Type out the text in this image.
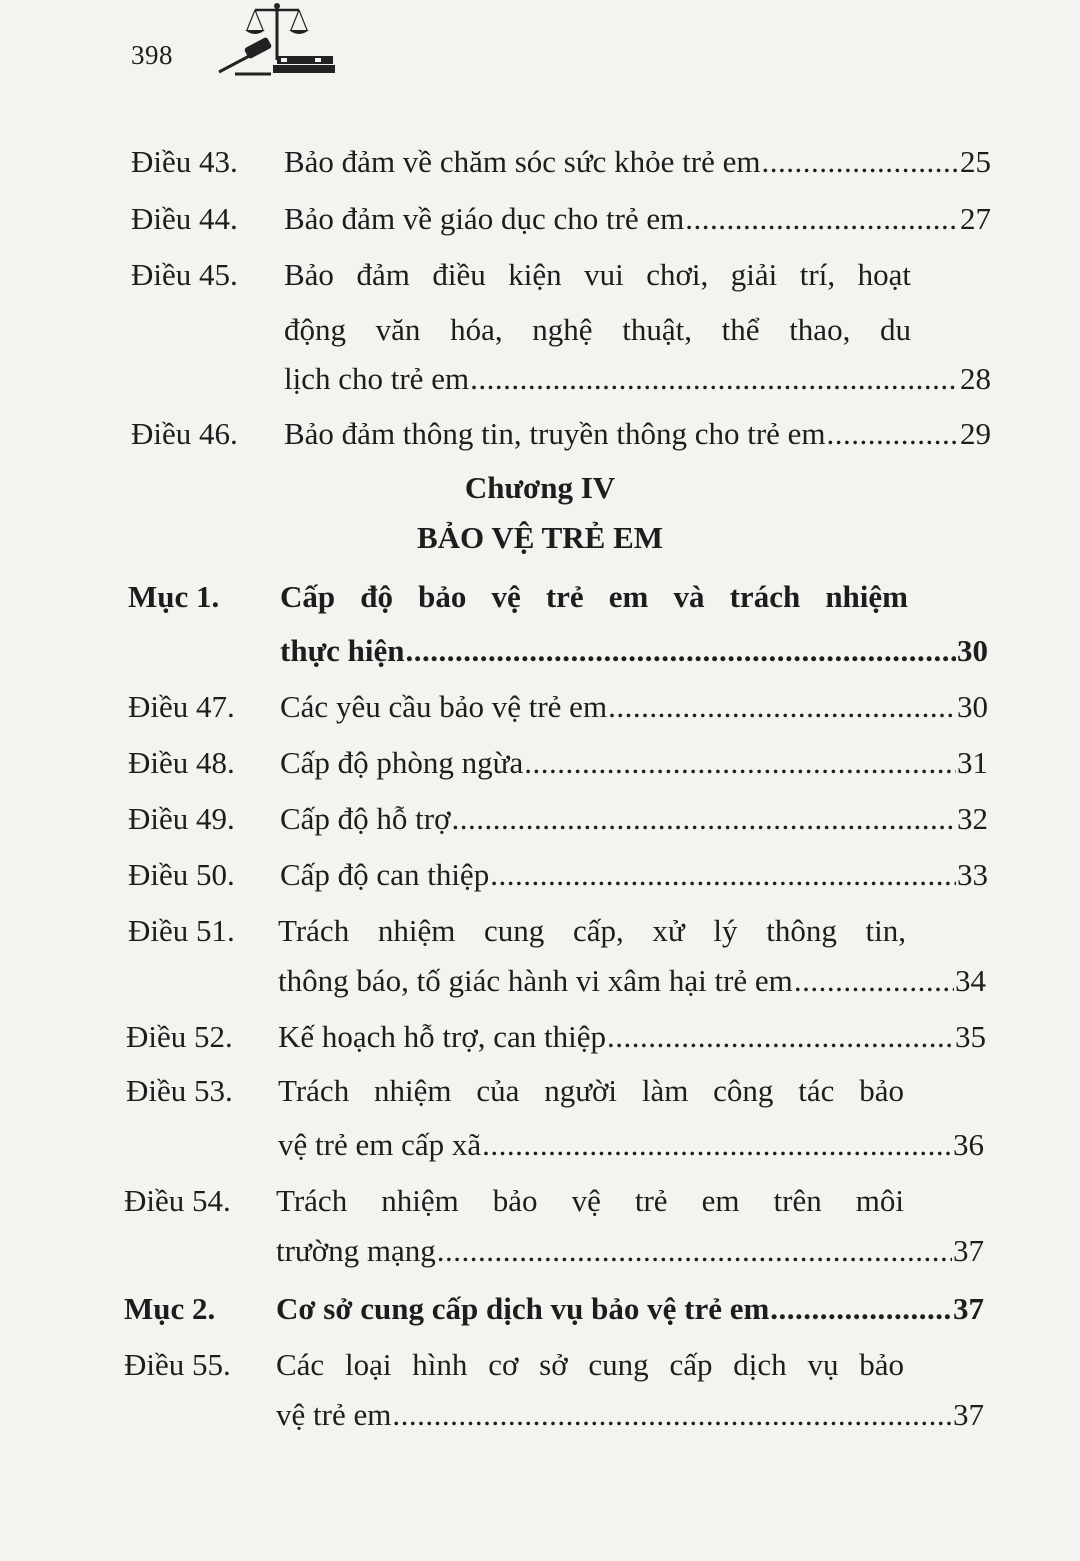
398
Điều 43.	Bảo đảm về chăm sóc sức khỏe trẻ em .....	25
Điều 44.	Bảo đảm về giáo dục cho trẻ em .....	27
Điều 45.	Bảo đảm điều kiện vui chơi, giải trí, hoạt
động văn hóa, nghệ thuật, thể thao, du
lịch cho trẻ em .....	28
Điều 46.	Bảo đảm thông tin, truyền thông cho trẻ em .....	29
Chương IV
BẢO VỆ TRẺ EM
Mục 1.	Cấp độ bảo vệ trẻ em và trách nhiệm
thực hiện .....	30
Điều 47.	Các yêu cầu bảo vệ trẻ em .....	30
Điều 48.	Cấp độ phòng ngừa .....	31
Điều 49.	Cấp độ hỗ trợ .....	32
Điều 50.	Cấp độ can thiệp .....	33
Điều 51.	Trách nhiệm cung cấp, xử lý thông tin,
thông báo, tố giác hành vi xâm hại trẻ em .....	34
Điều 52.	Kế hoạch hỗ trợ, can thiệp .....	35
Điều 53.	Trách nhiệm của người làm công tác bảo
vệ trẻ em cấp xã .....	36
Điều 54.	Trách nhiệm bảo vệ trẻ em trên môi
trường mạng .....	37
Mục 2.	Cơ sở cung cấp dịch vụ bảo vệ trẻ em .....	37
Điều 55.	Các loại hình cơ sở cung cấp dịch vụ bảo
vệ trẻ em .....	37
